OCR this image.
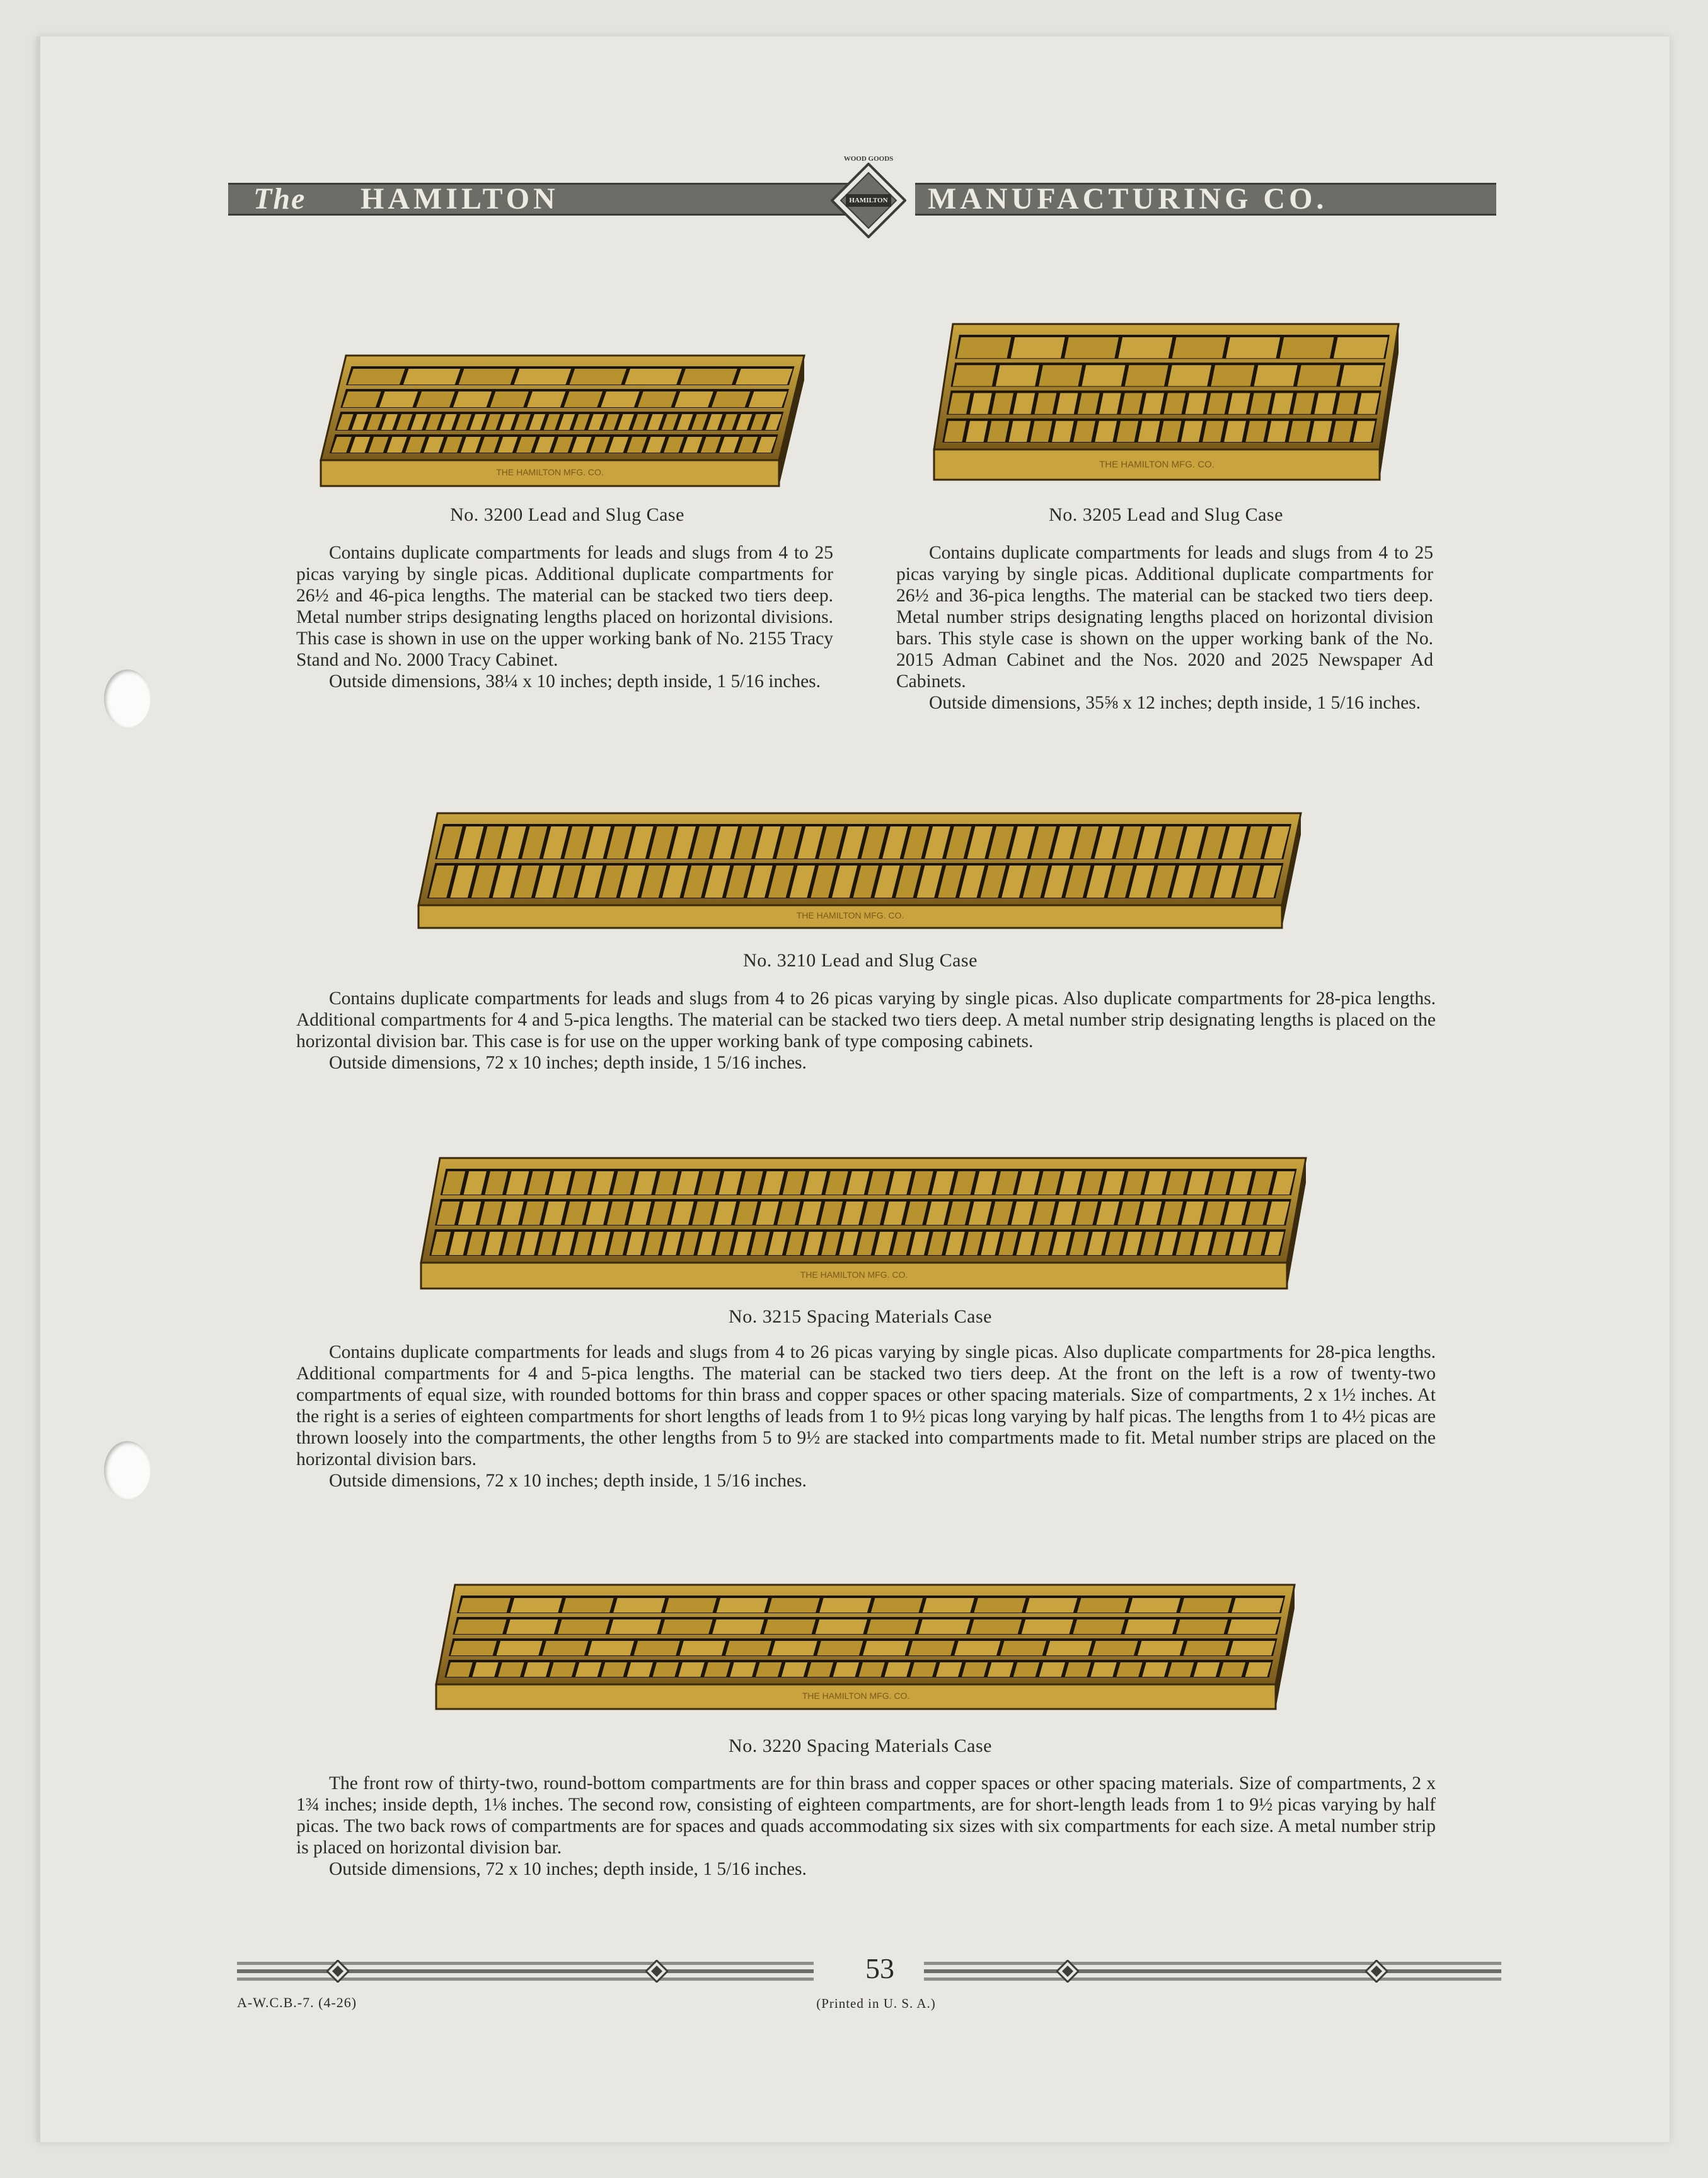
The	HAMILTON	MANUFACTURING CO.
HAMILTON
WOOD GOODS
THE HAMILTON MFG. CO.
THE HAMILTON MFG. CO.
THE HAMILTON MFG. CO.
THE HAMILTON MFG. CO.
THE HAMILTON MFG. CO.
No. 3200 Lead and Slug Case	No. 3205 Lead and Slug Case
No. 3210 Lead and Slug Case
No. 3215 Spacing Materials Case
No. 3220 Spacing Materials Case

Contains duplicate compartments for leads and slugs from 4 to 25 picas varying by single picas. Additional duplicate compartments for 26½ and 46-pica lengths. The material can be stacked two tiers deep. Metal number strips designating lengths placed on horizontal divisions. This case is shown in use on the upper working bank of No. 2155 Tracy Stand and No. 2000 Tracy Cabinet.

Outside dimensions, 38¼ x 10 inches; depth inside, 1 5/16 inches.

Contains duplicate compartments for leads and slugs from 4 to 25 picas varying by single picas. Additional duplicate compartments for 26½ and 36-pica lengths. The material can be stacked two tiers deep. Metal number strips designating lengths placed on horizontal division bars. This style case is shown on the upper working bank of the No. 2015 Adman Cabinet and the Nos. 2020 and 2025 Newspaper Ad Cabinets.

Outside dimensions, 35⅝ x 12 inches; depth inside, 1 5/16 inches.

Contains duplicate compartments for leads and slugs from 4 to 26 picas varying by single picas. Also duplicate compartments for 28-pica lengths. Additional compartments for 4 and 5-pica lengths. The material can be stacked two tiers deep. A metal number strip designating lengths is placed on the horizontal division bar. This case is for use on the upper working bank of type composing cabinets.

Outside dimensions, 72 x 10 inches; depth inside, 1 5/16 inches.

Contains duplicate compartments for leads and slugs from 4 to 26 picas varying by single picas. Also duplicate compartments for 28-pica lengths. Additional compartments for 4 and 5-pica lengths. The material can be stacked two tiers deep. At the front on the left is a row of twenty-two compartments of equal size, with rounded bottoms for thin brass and copper spaces or other spacing materials. Size of compartments, 2 x 1½ inches. At the right is a series of eighteen compartments for short lengths of leads from 1 to 9½ picas long varying by half picas. The lengths from 1 to 4½ picas are thrown loosely into the compartments, the other lengths from 5 to 9½ are stacked into compartments made to fit. Metal number strips are placed on the horizontal division bars.

Outside dimensions, 72 x 10 inches; depth inside, 1 5/16 inches.

The front row of thirty-two, round-bottom compartments are for thin brass and copper spaces or other spacing materials. Size of compartments, 2 x 1¾ inches; inside depth, 1⅛ inches. The second row, consisting of eighteen compartments, are for short-length leads from 1 to 9½ picas varying by half picas. The two back rows of compartments are for spaces and quads accommodating six sizes with six compartments for each size. A metal number strip is placed on horizontal division bar.

Outside dimensions, 72 x 10 inches; depth inside, 1 5/16 inches.

53
A-W.C.B.-7. (4-26)	(Printed in U. S. A.)
